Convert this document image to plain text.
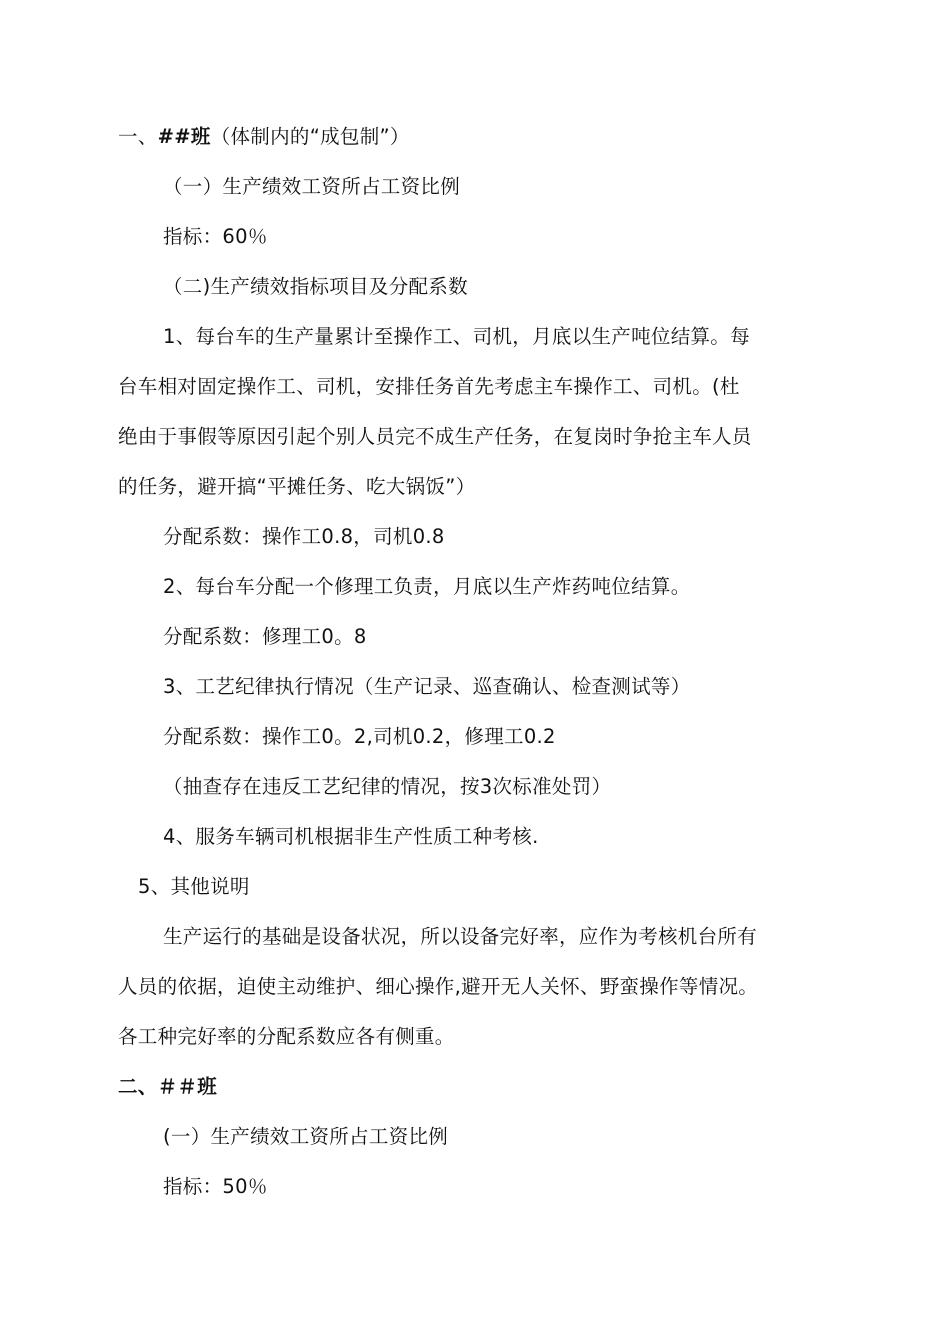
一、##班（体制内的“成包制”）
（一）生产绩效工资所占工资比例
指标：60％
（二)生产绩效指标项目及分配系数
1、每台车的生产量累计至操作工、司机，月底以生产吨位结算。每
台车相对固定操作工、司机，安排任务首先考虑主车操作工、司机。(杜
绝由于事假等原因引起个别人员完不成生产任务，在复岗时争抢主车人员
的任务，避开搞“平摊任务、吃大锅饭”）
分配系数：操作工0.8，司机0.8
2、每台车分配一个修理工负责，月底以生产炸药吨位结算。
分配系数：修理工0。8
3、工艺纪律执行情况（生产记录、巡查确认、检查测试等）
分配系数：操作工0。2,司机0.2，修理工0.2
（抽查存在违反工艺纪律的情况，按3次标准处罚）
4、服务车辆司机根据非生产性质工种考核.
5、其他说明
生产运行的基础是设备状况，所以设备完好率，应作为考核机台所有
人员的依据，迫使主动维护、细心操作,避开无人关怀、野蛮操作等情况。
各工种完好率的分配系数应各有侧重。
二、＃＃班
(一）生产绩效工资所占工资比例
指标：50％
